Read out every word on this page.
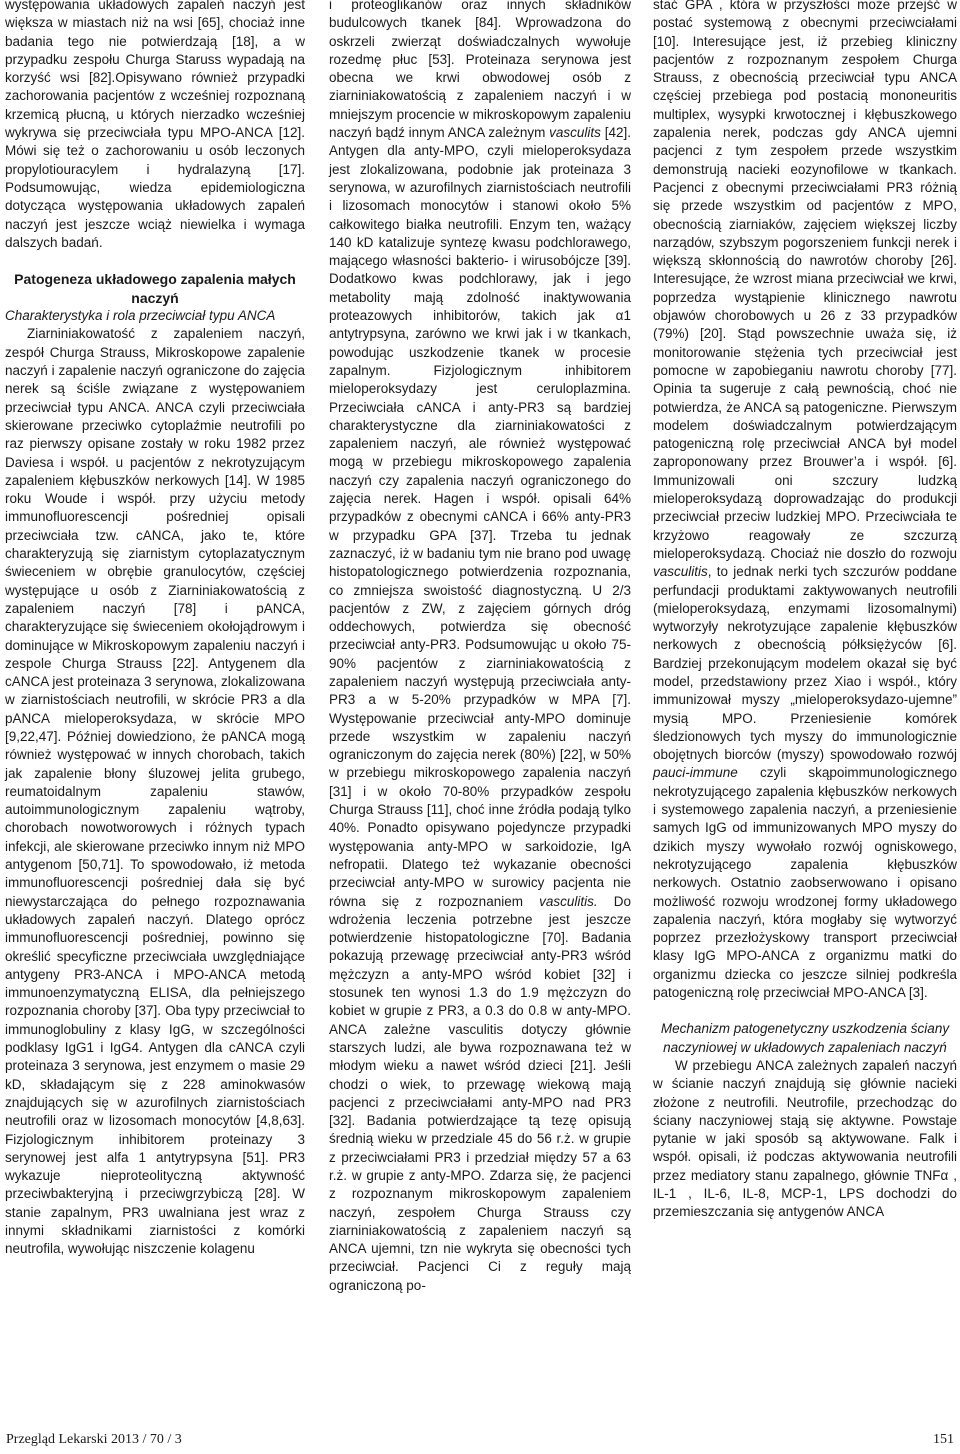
występowania układowych zapaleń naczyń jest większa w miastach niż na wsi [65], chociaż inne badania tego nie potwierdzają [18], a w przypadku zespołu Churga Staruss wypadają na korzyść wsi [82].Opisywano również przypadki zachorowania pacjentów z wcześniej rozpoznaną krzemicą płucną, u których nierzadko wcześniej wykrywa się przeciwciała typu MPO-ANCA [12]. Mówi się też o zachorowaniu u osób leczonych propylotiouracylem i hydralazyną [17]. Podsumowując, wiedza epidemiologiczna dotycząca występowania układowych zapaleń naczyń jest jeszcze wciąż niewielka i wymaga dalszych badań.

Patogeneza układowego zapalenia małych naczyń

Charakterystyka i rola przeciwciał typu ANCA

Ziarniniakowatość z zapaleniem naczyń, zespół Churga Strauss, Mikroskopowe zapalenie naczyń i zapalenie naczyń ograniczone do zajęcia nerek są ściśle związane z występowaniem przeciwciał typu ANCA. ANCA czyli przeciwciała skierowane przeciwko cytoplaźmie neutrofili po raz pierwszy opisane zostały w roku 1982 przez Daviesa i współ. u pacjentów z nekrotyzującym zapaleniem kłębuszków nerkowych [14]. W 1985 roku Woude i współ. przy użyciu metody immunofluorescencji pośredniej opisali przeciwciała tzw. cANCA, jako te, które charakteryzują się ziarnistym cytoplazatycznym świeceniem w obrębie granulocytów, częściej występujące u osób z Ziarniniakowatością z zapaleniem naczyń [78] i pANCA, charakteryzujące się świeceniem okołojądrowym i dominujące w Mikroskopowym zapaleniu naczyń i zespole Churga Strauss [22]. Antygenem dla cANCA jest proteinaza 3 serynowa, zlokalizowana w ziarnistościach neutrofili, w skrócie PR3 a dla pANCA mieloperoksydaza, w skrócie MPO [9,22,47]. Później dowiedziono, że pANCA mogą również występować w innych chorobach, takich jak zapalenie błony śluzowej jelita grubego, reumatoidalnym zapaleniu stawów, autoimmunologicznym zapaleniu wątroby, chorobach nowotworowych i różnych typach infekcji, ale skierowane przeciwko innym niż MPO antygenom [50,71]. To spowodowało, iż metoda immunofluorescencji pośredniej dała się być niewystarczająca do pełnego rozpoznawania układowych zapaleń naczyń. Dlatego oprócz immunofluorescencji pośredniej, powinno się określić specyficzne przeciwciała uwzględniające antygeny PR3-ANCA i MPO-ANCA metodą immunoenzymatyczną ELISA, dla pełniejszego rozpoznania choroby [37]. Oba typy przeciwciał to immunoglobuliny z klasy IgG, w szczególności podklasy IgG1 i IgG4. Antygen dla cANCA czyli proteinaza 3 serynowa, jest enzymem o masie 29 kD, składającym się z 228 aminokwasów znajdujących się w azurofilnych ziarnistościach neutrofili oraz w lizosomach monocytów [4,8,63]. Fizjologicznym inhibitorem proteinazy 3 serynowej jest alfa 1 antytrypsyna [51]. PR3 wykazuje nieproteolityczną aktywność przeciwbakteryjną i przeciwgrzybiczą [28]. W stanie zapalnym, PR3 uwalniana jest wraz z innymi składnikami ziarnistości z komórki neutrofila, wywołując niszczenie kolagenu

i proteoglikanów oraz innych składników budulcowych tkanek [84]. Wprowadzona do oskrzeli zwierząt doświadczalnych wywołuje rozedmę płuc [53]. Proteinaza serynowa jest obecna we krwi obwodowej osób z ziarniniakowatością z zapaleniem naczyń i w mniejszym procencie w mikroskopowym zapaleniu naczyń bądź innym ANCA zależnym vasculits [42]. Antygen dla anty-MPO, czyli mieloperoksydaza jest zlokalizowana, podobnie jak proteinaza 3 serynowa, w azurofilnych ziarnistościach neutrofili i lizosomach monocytów i stanowi około 5% całkowitego białka neutrofili. Enzym ten, ważący 140 kD katalizuje syntezę kwasu podchlorawego, mającego własności bakterio- i wirusobójcze [39]. Dodatkowo kwas podchlorawy, jak i jego metabolity mają zdolność inaktywowania proteazowych inhibitorów, takich jak α1 antytrypsyna, zarówno we krwi jak i w tkankach, powodując uszkodzenie tkanek w procesie zapalnym. Fizjologicznym inhibitorem mieloperoksydazy jest ceruloplazmina. Przeciwciała cANCA i anty-PR3 są bardziej charakterystyczne dla ziarniniakowatości z zapaleniem naczyń, ale również występować mogą w przebiegu mikroskopowego zapalenia naczyń czy zapalenia naczyń ograniczonego do zajęcia nerek. Hagen i współ. opisali 64% przypadków z obecnymi cANCA i 66% anty-PR3 w przypadku GPA [37]. Trzeba tu jednak zaznaczyć, iż w badaniu tym nie brano pod uwagę histopatologicznego potwierdzenia rozpoznania, co zmniejsza swoistość diagnostyczną. U 2/3 pacjentów z ZW, z zajęciem górnych dróg oddechowych, potwierdza się obecność przeciwciał anty-PR3. Podsumowując u około 75-90% pacjentów z ziarniniakowatością z zapaleniem naczyń występują przeciwciała anty-PR3 a w 5-20% przypadków w MPA [7]. Występowanie przeciwciał anty-MPO dominuje przede wszystkim w zapaleniu naczyń ograniczonym do zajęcia nerek (80%) [22], w 50% w przebiegu mikroskopowego zapalenia naczyń [31] i w około 70-80% przypadków zespołu Churga Strauss [11], choć inne źródła podają tylko 40%. Ponadto opisywano pojedyncze przypadki występowania anty-MPO w sarkoidozie, IgA nefropatii. Dlatego też wykazanie obecności przeciwciał anty-MPO w surowicy pacjenta nie równa się z rozpoznaniem vasculitis. Do wdrożenia leczenia potrzebne jest jeszcze potwierdzenie histopatologiczne [70]. Badania pokazują przewagę przeciwciał anty-PR3 wśród mężczyzn a anty-MPO wśród kobiet [32] i stosunek ten wynosi 1.3 do 1.9 mężczyzn do kobiet w grupie z PR3, a 0.3 do 0.8 w anty-MPO. ANCA zależne vasculitis dotyczy głównie starszych ludzi, ale bywa rozpoznawana też w młodym wieku a nawet wśród dzieci [21]. Jeśli chodzi o wiek, to przewagę wiekową mają pacjenci z przeciwciałami anty-MPO nad PR3 [32]. Badania potwierdzające tą tezę opisują średnią wieku w przedziale 45 do 56 r.ż. w grupie z przeciwciałami PR3 i przedział między 57 a 63 r.ż. w grupie z anty-MPO. Zdarza się, że pacjenci z rozpoznanym mikroskopowym zapaleniem naczyń, zespołem Churga Strauss czy ziarniniakowatością z zapaleniem naczyń są ANCA ujemni, tzn nie wykryta się obecności tych przeciwciał. Pacjenci Ci z reguły mają ograniczoną po-

stać GPA , która w przyszłości może przejść w postać systemową z obecnymi przeciwciałami [10]. Interesujące jest, iż przebieg kliniczny pacjentów z rozpoznanym zespołem Churga Strauss, z obecnością przeciwciał typu ANCA częściej przebiega pod postacią mononeuritis multiplex, wysypki krwotocznej i kłębuszkowego zapalenia nerek, podczas gdy ANCA ujemni pacjenci z tym zespołem przede wszystkim demonstrują nacieki eozynofilowe w tkankach. Pacjenci z obecnymi przeciwciałami PR3 różnią się przede wszystkim od pacjentów z MPO, obecnością ziarniaków, zajęciem większej liczby narządów, szybszym pogorszeniem funkcji nerek i większą skłonnością do nawrotów choroby [26]. Interesujące, że wzrost miana przeciwciał we krwi, poprzedza wystąpienie klinicznego nawrotu objawów chorobowych u 26 z 33 przypadków (79%) [20]. Stąd powszechnie uważa się, iż monitorowanie stężenia tych przeciwciał jest pomocne w zapobieganiu nawrotu choroby [77]. Opinia ta sugeruje z całą pewnością, choć nie potwierdza, że ANCA są patogeniczne. Pierwszym modelem doświadczalnym potwierdzającym patogeniczną rolę przeciwciał ANCA był model zaproponowany przez Brouwer’a i współ. [6]. Immunizowali oni szczury ludzką mieloperoksydazą doprowadzając do produkcji przeciwciał przeciw ludzkiej MPO. Przeciwciała te krzyżowo reagowały ze szczurzą mieloperoksydazą. Chociaż nie doszło do rozwoju vasculitis, to jednak nerki tych szczurów poddane perfundacji produktami zaktywowanych neutrofili (mieloperoksydazą, enzymami lizosomalnymi) wytworzyły nekrotyzujące zapalenie kłębuszków nerkowych z obecnością półksiężyców [6]. Bardziej przekonującym modelem okazał się być model, przedstawiony przez Xiao i współ., który immunizował myszy „mieloperoksydazo-ujemne” mysią MPO. Przeniesienie komórek śledzionowych tych myszy do immunologicznie obojętnych biorców (myszy) spowodowało rozwój pauci-immune czyli skąpoimmunologicznego nekrotyzującego zapalenia kłębuszków nerkowych i systemowego zapalenia naczyń, a przeniesienie samych IgG od immunizowanych MPO myszy do dzikich myszy wywołało rozwój ogniskowego, nekrotyzującego zapalenia kłębuszków nerkowych. Ostatnio zaobserwowano i opisano możliwość rozwoju wrodzonej formy układowego zapalenia naczyń, która mogłaby się wytworzyć poprzez przezłożyskowy transport przeciwciał klasy IgG MPO-ANCA z organizmu matki do organizmu dziecka co jeszcze silniej podkreśla patogeniczną rolę przeciwciał MPO-ANCA [3].

Mechanizm patogenetyczny uszkodzenia ściany naczyniowej w układowych zapaleniach naczyń

W przebiegu ANCA zależnych zapaleń naczyń w ścianie naczyń znajdują się głównie nacieki złożone z neutrofili. Neutrofile, przechodząc do ściany naczyniowej stają się aktywne. Powstaje pytanie w jaki sposób są aktywowane. Falk i współ. opisali, iż podczas aktywowania neutrofili przez mediatory stanu zapalnego, głównie TNFα , IL-1 , IL-6, IL-8, MCP-1, LPS dochodzi do przemieszczania się antygenów ANCA

Przegląd Lekarski 2013 / 70 / 3	151
